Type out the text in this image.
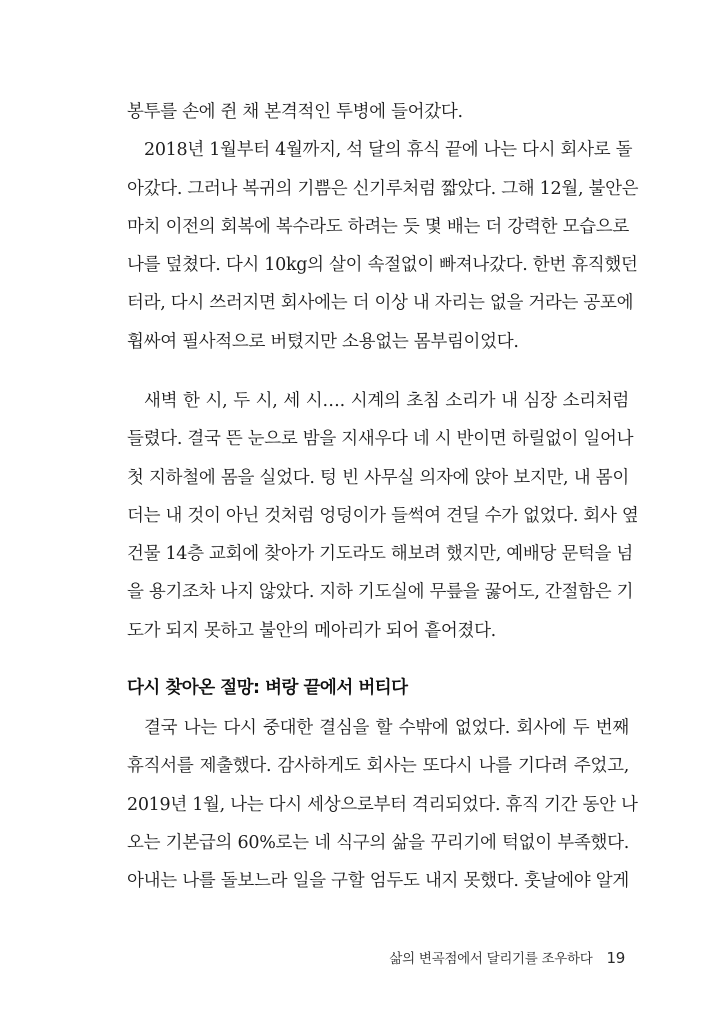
봉투를 손에 쥔 채 본격적인 투병에 들어갔다.
2018년 1월부터 4월까지, 석 달의 휴식 끝에 나는 다시 회사로 돌
아갔다. 그러나 복귀의 기쁨은 신기루처럼 짧았다. 그해 12월, 불안은
마치 이전의 회복에 복수라도 하려는 듯 몇 배는 더 강력한 모습으로
나를 덮쳤다. 다시 10kg의 살이 속절없이 빠져나갔다. 한번 휴직했던
터라, 다시 쓰러지면 회사에는 더 이상 내 자리는 없을 거라는 공포에
휩싸여 필사적으로 버텼지만 소용없는 몸부림이었다.
새벽 한 시, 두 시, 세 시…. 시계의 초침 소리가 내 심장 소리처럼
들렸다. 결국 뜬 눈으로 밤을 지새우다 네 시 반이면 하릴없이 일어나
첫 지하철에 몸을 실었다. 텅 빈 사무실 의자에 앉아 보지만, 내 몸이
더는 내 것이 아닌 것처럼 엉덩이가 들썩여 견딜 수가 없었다. 회사 옆
건물 14층 교회에 찾아가 기도라도 해보려 했지만, 예배당 문턱을 넘
을 용기조차 나지 않았다. 지하 기도실에 무릎을 꿇어도, 간절함은 기
도가 되지 못하고 불안의 메아리가 되어 흩어졌다.
다시 찾아온 절망: 벼랑 끝에서 버티다
결국 나는 다시 중대한 결심을 할 수밖에 없었다. 회사에 두 번째
휴직서를 제출했다. 감사하게도 회사는 또다시 나를 기다려 주었고,
2019년 1월, 나는 다시 세상으로부터 격리되었다. 휴직 기간 동안 나
오는 기본급의 60%로는 네 식구의 삶을 꾸리기에 턱없이 부족했다.
아내는 나를 돌보느라 일을 구할 엄두도 내지 못했다. 훗날에야 알게
삶의 변곡점에서 달리기를 조우하다 19
